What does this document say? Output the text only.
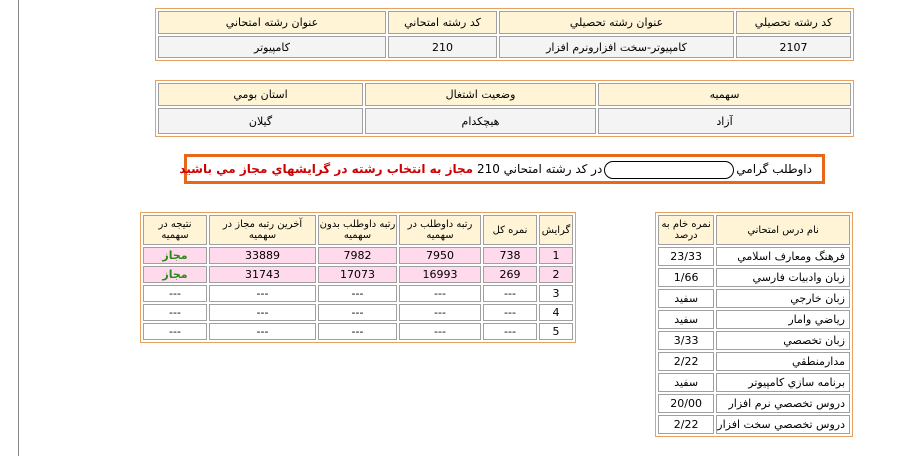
عنوان رشته امتحاني	کد رشته امتحاني	عنوان رشته تحصيلي	کد رشته تحصيلي
کامپيوتر	210	کامپيوتر-سخت افزارونرم افزار	2107
استان بومي	وضعيت اشتغال	سهميه
گيلان	هيچکدام	آزاد
داوطلب گراميدر کد رشته امتحاني 210 مجاز به انتخاب رشته در گرايشهاي مجاز مي باشيد
نتيجه در سهميه	آخرين رتبه مجاز در سهميه	رتبه داوطلب بدون سهميه	رتبه داوطلب در سهميه	نمره کل	گرايش
مجاز	33889	7982	7950	738	1
مجاز	31743	17073	16993	269	2
---	---	---	---	---	3
---	---	---	---	---	4
---	---	---	---	---	5
نمره خام به درصد	نام درس امتحاني
23/33	فرهنگ ومعارف اسلامي
1/66	زبان وادبيات فارسي
سفيد	زبان خارجي
سفيد	رياضي وامار
3/33	زبان تخصصي
2/22	مدارمنطقي
سفيد	برنامه سازي کامپيوتر
20/00	دروس تخصصي نرم افزار
2/22	دروس تخصصي سخت افزار
